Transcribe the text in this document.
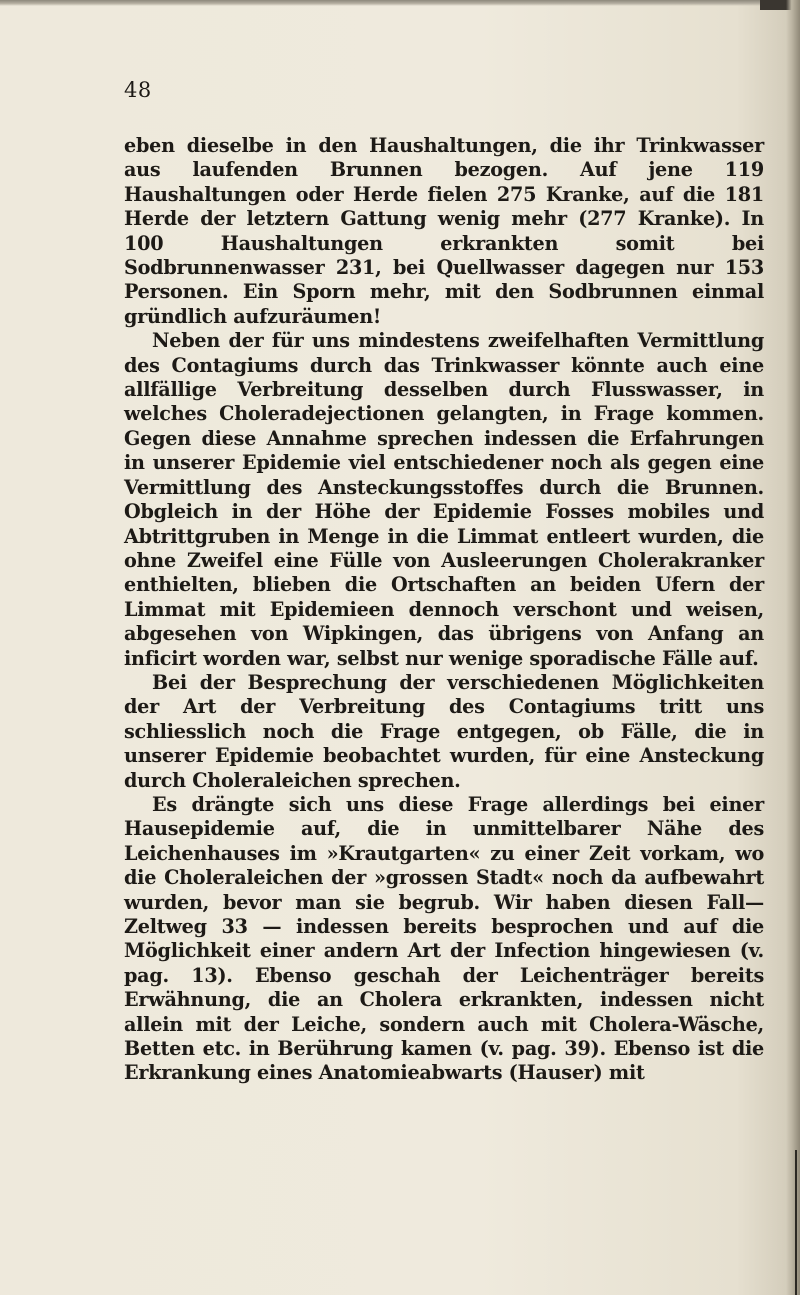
48

eben dieselbe in den Haushaltungen, die ihr Trinkwasser aus laufenden Brunnen bezogen. Auf jene 119 Haushaltungen oder Herde fielen 275 Kranke, auf die 181 Herde der letztern Gattung wenig mehr (277 Kranke). In 100 Haushaltungen erkrankten somit bei Sodbrunnenwasser 231, bei Quellwasser dagegen nur 153 Personen. Ein Sporn mehr, mit den Sodbrunnen einmal gründlich aufzuräumen!

Neben der für uns mindestens zweifelhaften Vermittlung des Contagiums durch das Trinkwasser könnte auch eine allfällige Verbreitung desselben durch Flusswasser, in welches Choleradejectionen gelangten, in Frage kommen. Gegen diese Annahme sprechen indessen die Erfahrungen in unserer Epidemie viel entschiedener noch als gegen eine Vermittlung des Ansteckungsstoffes durch die Brunnen. Obgleich in der Höhe der Epidemie Fosses mobiles und Abtrittgruben in Menge in die Limmat entleert wurden, die ohne Zweifel eine Fülle von Ausleerungen Cholerakranker enthielten, blieben die Ortschaften an beiden Ufern der Limmat mit Epidemieen dennoch verschont und weisen, abgesehen von Wipkingen, das übrigens von Anfang an inficirt worden war, selbst nur wenige sporadische Fälle auf.

Bei der Besprechung der verschiedenen Möglichkeiten der Art der Verbreitung des Contagiums tritt uns schliesslich noch die Frage entgegen, ob Fälle, die in unserer Epidemie beobachtet wurden, für eine Ansteckung durch Choleraleichen sprechen.

Es drängte sich uns diese Frage allerdings bei einer Hausepidemie auf, die in unmittelbarer Nähe des Leichenhauses im »Krautgarten« zu einer Zeit vorkam, wo die Choleraleichen der »grossen Stadt« noch da aufbewahrt wurden, bevor man sie begrub. Wir haben diesen Fall— Zeltweg 33 — indessen bereits besprochen und auf die Möglichkeit einer andern Art der Infection hingewiesen (v. pag. 13). Ebenso geschah der Leichenträger bereits Erwähnung, die an Cholera erkrankten, indessen nicht allein mit der Leiche, sondern auch mit Cholera-Wäsche, Betten etc. in Berührung kamen (v. pag. 39). Ebenso ist die Erkrankung eines Anatomieabwarts (Hauser) mit
